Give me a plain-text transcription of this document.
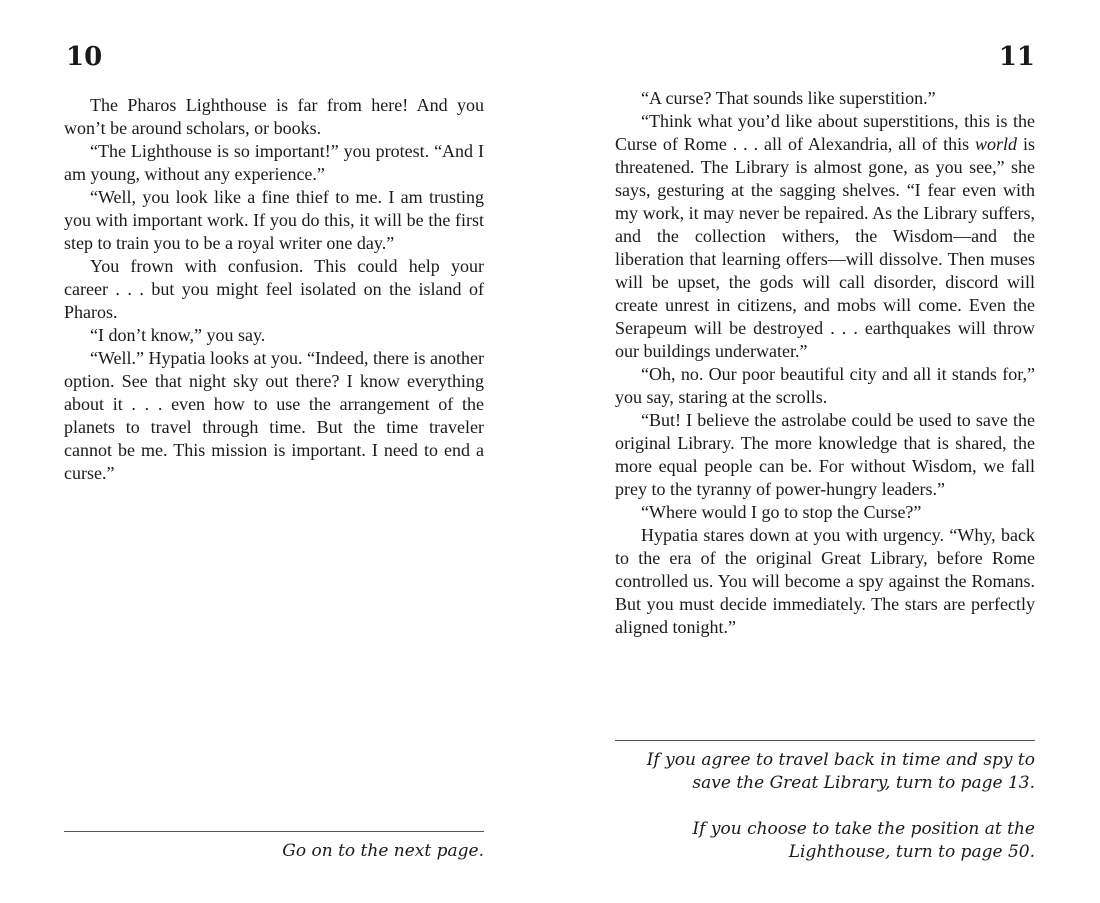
10

The Pharos Lighthouse is far from here! And you won’t be around scholars, or books.

“The Lighthouse is so important!” you protest. “And I am young, without any experience.”

“Well, you look like a fine thief to me. I am trusting you with important work. If you do this, it will be the first step to train you to be a royal writer one day.”

You frown with confusion. This could help your career . . . but you might feel isolated on the island of Pharos.

“I don’t know,” you say.

“Well.” Hypatia looks at you. “Indeed, there is another option. See that night sky out there? I know everything about it . . . even how to use the arrangement of the planets to travel through time. But the time traveler cannot be me. This mission is important. I need to end a curse.”

Go on to the next page.

11

“A curse? That sounds like superstition.”

“Think what you’d like about superstitions, this is the Curse of Rome . . . all of Alexandria, all of this world is threatened. The Library is almost gone, as you see,” she says, gesturing at the sagging shelves. “I fear even with my work, it may never be repaired. As the Library suffers, and the collection withers, the Wisdom—and the liberation that learning offers—will dissolve. Then muses will be upset, the gods will call disorder, discord will create unrest in citizens, and mobs will come. Even the Serapeum will be destroyed . . . earthquakes will throw our buildings underwater.”

“Oh, no. Our poor beautiful city and all it stands for,” you say, staring at the scrolls.

“But! I believe the astrolabe could be used to save the original Library. The more knowledge that is shared, the more equal people can be. For without Wisdom, we fall prey to the tyranny of power-hungry leaders.”

“Where would I go to stop the Curse?”

Hypatia stares down at you with urgency. “Why, back to the era of the original Great Library, before Rome controlled us. You will become a spy against the Romans. But you must decide immediately. The stars are perfectly aligned tonight.”

If you agree to travel back in time and spy to
save the Great Library, turn to page 13.

If you choose to take the position at the
Lighthouse, turn to page 50.
